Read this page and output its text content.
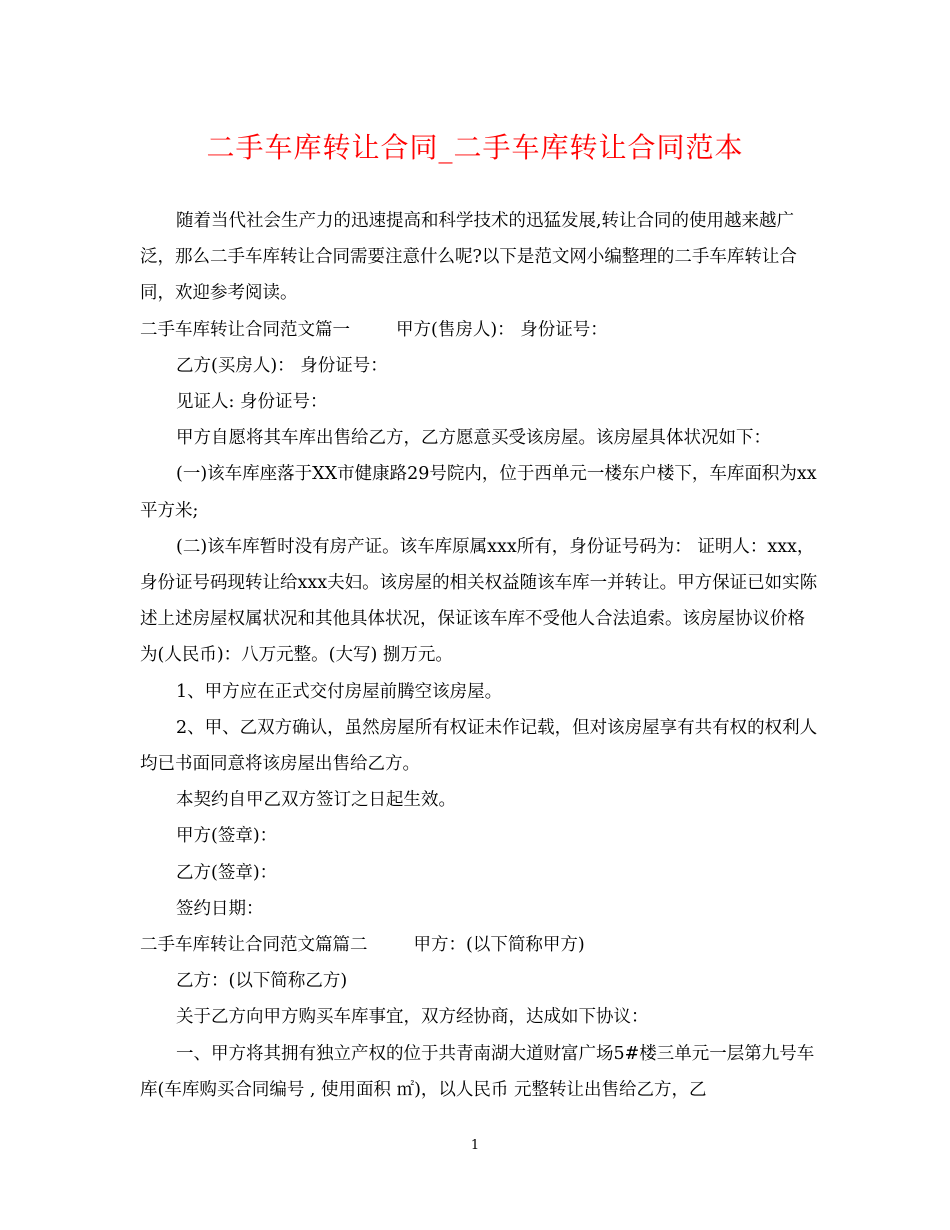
二手车库转让合同_二手车库转让合同范本

随着当代社会生产力的迅速提高和科学技术的迅猛发展,转让合同的使用越来越广泛，那么二手车库转让合同需要注意什么呢?以下是范文网小编整理的二手车库转让合同，欢迎参考阅读。

二手车库转让合同范文篇一	甲方(售房人)： 身份证号：

乙方(买房人)： 身份证号：

见证人: 身份证号：

甲方自愿将其车库出售给乙方，乙方愿意买受该房屋。该房屋具体状况如下：

(一)该车库座落于XX市健康路29号院内，位于西单元一楼东户楼下，车库面积为xx 平方米;

(二)该车库暂时没有房产证。该车库原属xxx所有，身份证号码为： 证明人：xxx，身份证号码现转让给xxx夫妇。该房屋的相关权益随该车库一并转让。甲方保证已如实陈述上述房屋权属状况和其他具体状况，保证该车库不受他人合法追索。该房屋协议价格为(人民币)：八万元整。(大写) 捌万元。

1、甲方应在正式交付房屋前腾空该房屋。

2、甲、乙双方确认，虽然房屋所有权证未作记载，但对该房屋享有共有权的权利人均已书面同意将该房屋出售给乙方。

本契约自甲乙双方签订之日起生效。

甲方(签章)：

乙方(签章)：

签约日期：

二手车库转让合同范文篇篇二	甲方：(以下简称甲方)

乙方：(以下简称乙方)

关于乙方向甲方购买车库事宜，双方经协商，达成如下协议：

一、甲方将其拥有独立产权的位于共青南湖大道财富广场5#楼三单元一层第九号车库(车库购买合同编号 , 使用面积 ㎡)，以人民币 元整转让出售给乙方，乙

1
